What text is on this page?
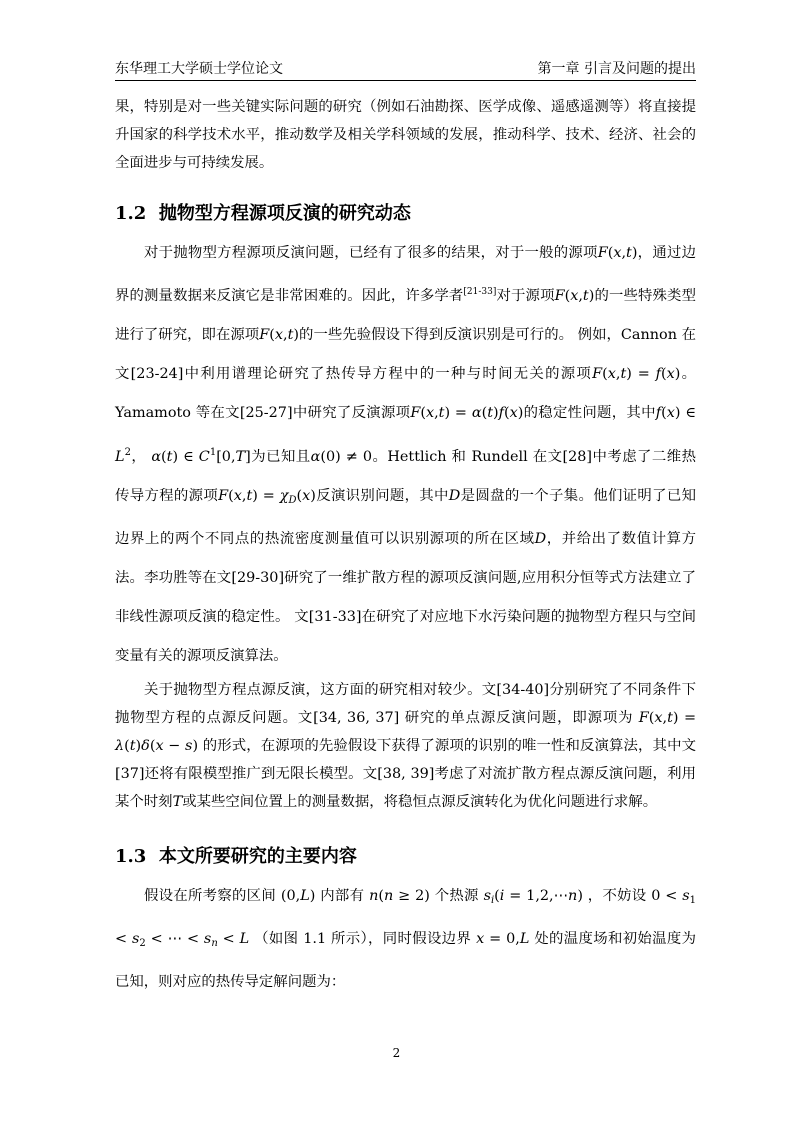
东华理工大学硕士学位论文	第一章 引言及问题的提出

果，特别是对一些关键实际问题的研究（例如石油勘探、医学成像、遥感遥测等）将直接提升国家的科学技术水平，推动数学及相关学科领域的发展，推动科学、技术、经济、社会的全面进步与可持续发展。

1.2 抛物型方程源项反演的研究动态

对于抛物型方程源项反演问题，已经有了很多的结果，对于一般的源项F(x,t)，通过边界的测量数据来反演它是非常困难的。因此，许多学者[21-33]对于源项F(x,t)的一些特殊类型进行了研究，即在源项F(x,t)的一些先验假设下得到反演识别是可行的。 例如，Cannon 在文[23-24]中利用谱理论研究了热传导方程中的一种与时间无关的源项F(x,t) = f(x)。Yamamoto 等在文[25-27]中研究了反演源项F(x,t) = α(t)f(x)的稳定性问题，其中f(x) ∈ $L^2$， α(t) ∈ $C^1[0,T]$为已知且α(0) ≠ 0。Hettlich 和 Rundell 在文[28]中考虑了二维热传导方程的源项$F(x,t) = \chi_D(x)$反演识别问题，其中D是圆盘的一个子集。他们证明了已知边界上的两个不同点的热流密度测量值可以识别源项的所在区域D，并给出了数值计算方法。李功胜等在文[29-30]研究了一维扩散方程的源项反演问题,应用积分恒等式方法建立了非线性源项反演的稳定性。 文[31-33]在研究了对应地下水污染问题的抛物型方程只与空间变量有关的源项反演算法。

关于抛物型方程点源反演，这方面的研究相对较少。文[34-40]分别研究了不同条件下抛物型方程的点源反问题。文[34, 36, 37] 研究的单点源反演问题，即源项为 F(x,t) = λ(t)δ(x − s) 的形式，在源项的先验假设下获得了源项的识别的唯一性和反演算法，其中文[37]还将有限模型推广到无限长模型。文[38, 39]考虑了对流扩散方程点源反演问题，利用某个时刻T或某些空间位置上的测量数据，将稳恒点源反演转化为优化问题进行求解。

1.3 本文所要研究的主要内容

假设在所考察的区间 (0,L) 内部有 n(n ≥ 2) 个热源 $s_i(i$ = 1,2,⋯n) ，不妨设 $0 < s_1 < s_2$ < ⋯ < $s_n < L$ （如图 1.1 所示），同时假设边界 x = 0,L 处的温度场和初始温度为已知，则对应的热传导定解问题为：

2
